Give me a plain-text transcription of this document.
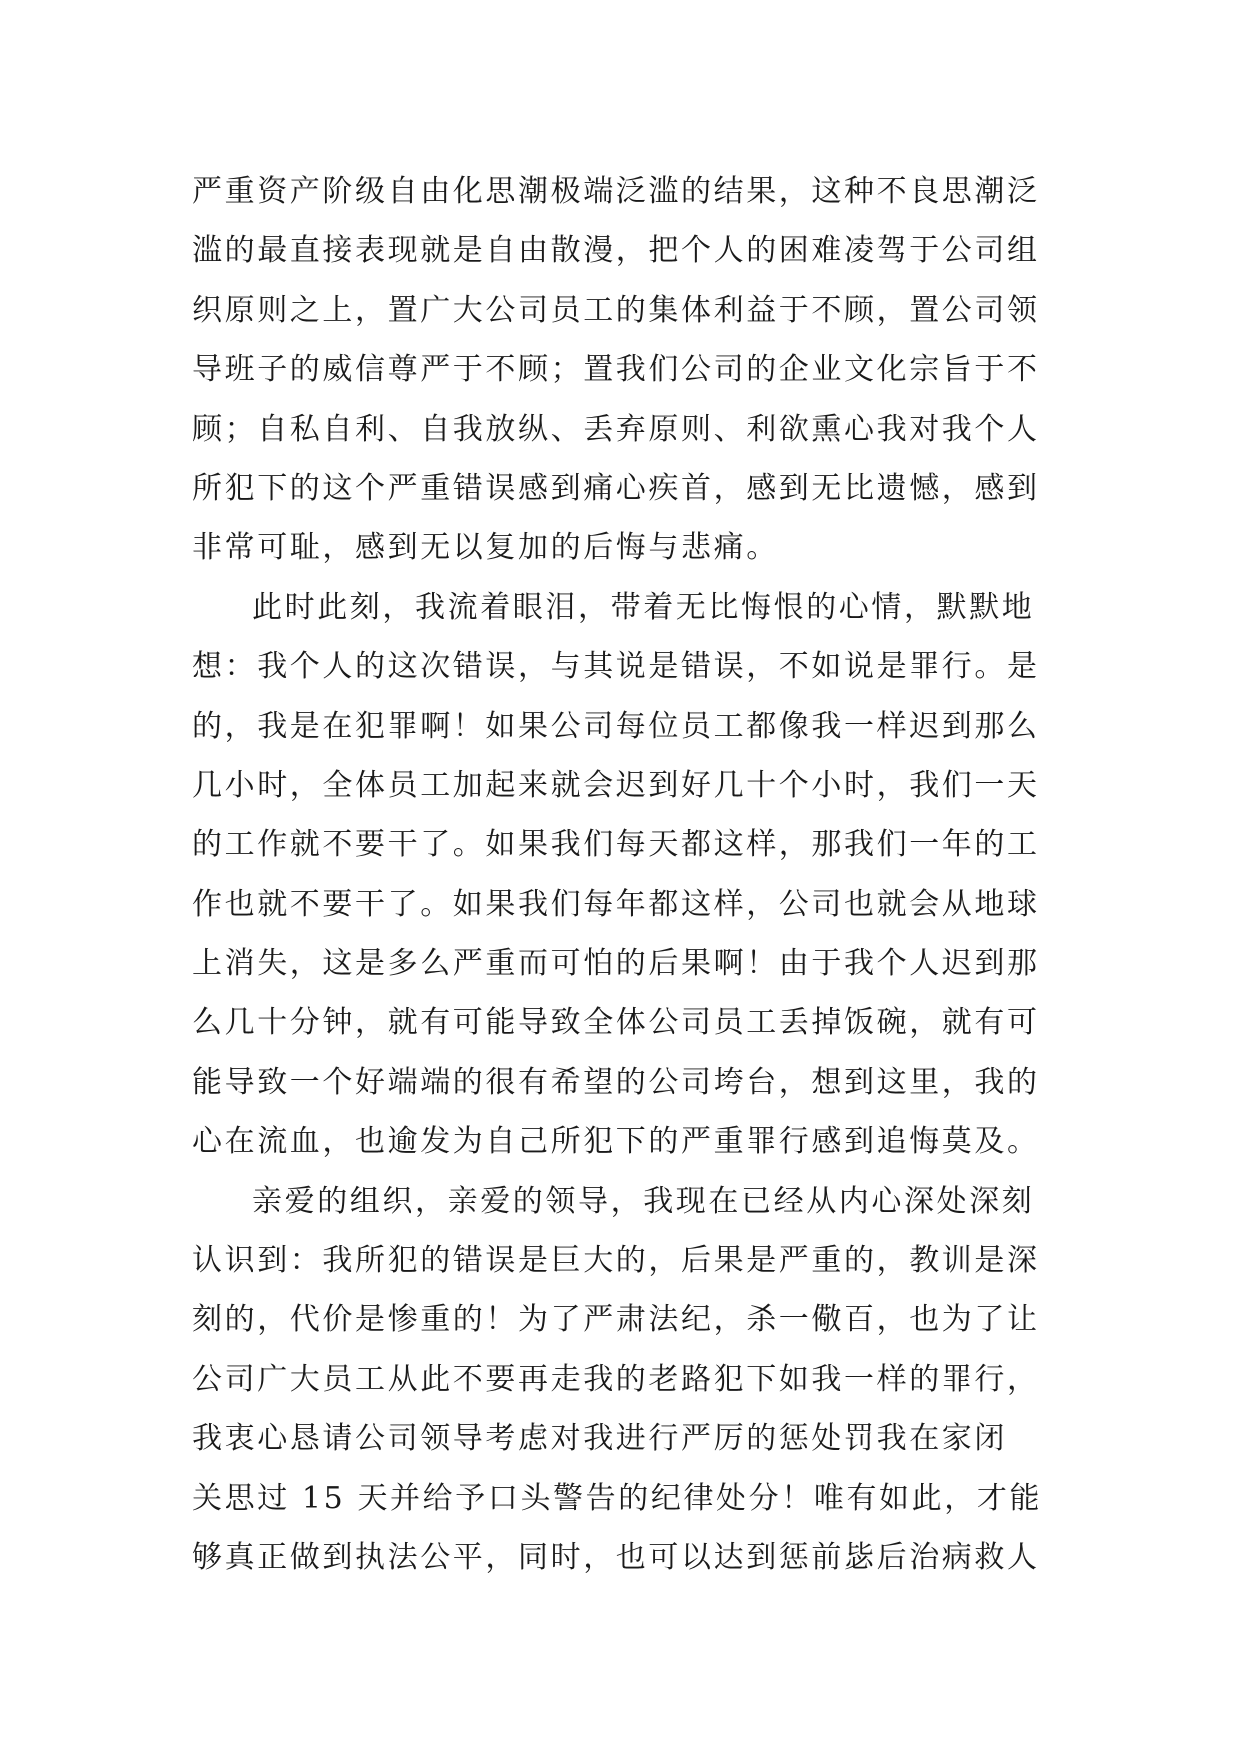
严重资产阶级自由化思潮极端泛滥的结果，这种不良思潮泛
滥的最直接表现就是自由散漫，把个人的困难凌驾于公司组
织原则之上，置广大公司员工的集体利益于不顾，置公司领
导班子的威信尊严于不顾；置我们公司的企业文化宗旨于不
顾；自私自利、自我放纵、丢弃原则、利欲熏心我对我个人
所犯下的这个严重错误感到痛心疾首，感到无比遗憾，感到
非常可耻，感到无以复加的后悔与悲痛。
此时此刻，我流着眼泪，带着无比悔恨的心情，默默地
想：我个人的这次错误，与其说是错误，不如说是罪行。是
的，我是在犯罪啊！如果公司每位员工都像我一样迟到那么
几小时，全体员工加起来就会迟到好几十个小时，我们一天
的工作就不要干了。如果我们每天都这样，那我们一年的工
作也就不要干了。如果我们每年都这样，公司也就会从地球
上消失，这是多么严重而可怕的后果啊！由于我个人迟到那
么几十分钟，就有可能导致全体公司员工丢掉饭碗，就有可
能导致一个好端端的很有希望的公司垮台，想到这里，我的
心在流血，也逾发为自己所犯下的严重罪行感到追悔莫及。
亲爱的组织，亲爱的领导，我现在已经从内心深处深刻
认识到：我所犯的错误是巨大的，后果是严重的，教训是深
刻的，代价是惨重的！为了严肃法纪，杀一儆百，也为了让
公司广大员工从此不要再走我的老路犯下如我一样的罪行，
我衷心恳请公司领导考虑对我进行严厉的惩处罚我在家闭
关思过 15 天并给予口头警告的纪律处分！唯有如此，才能
够真正做到执法公平，同时，也可以达到惩前毖后治病救人
